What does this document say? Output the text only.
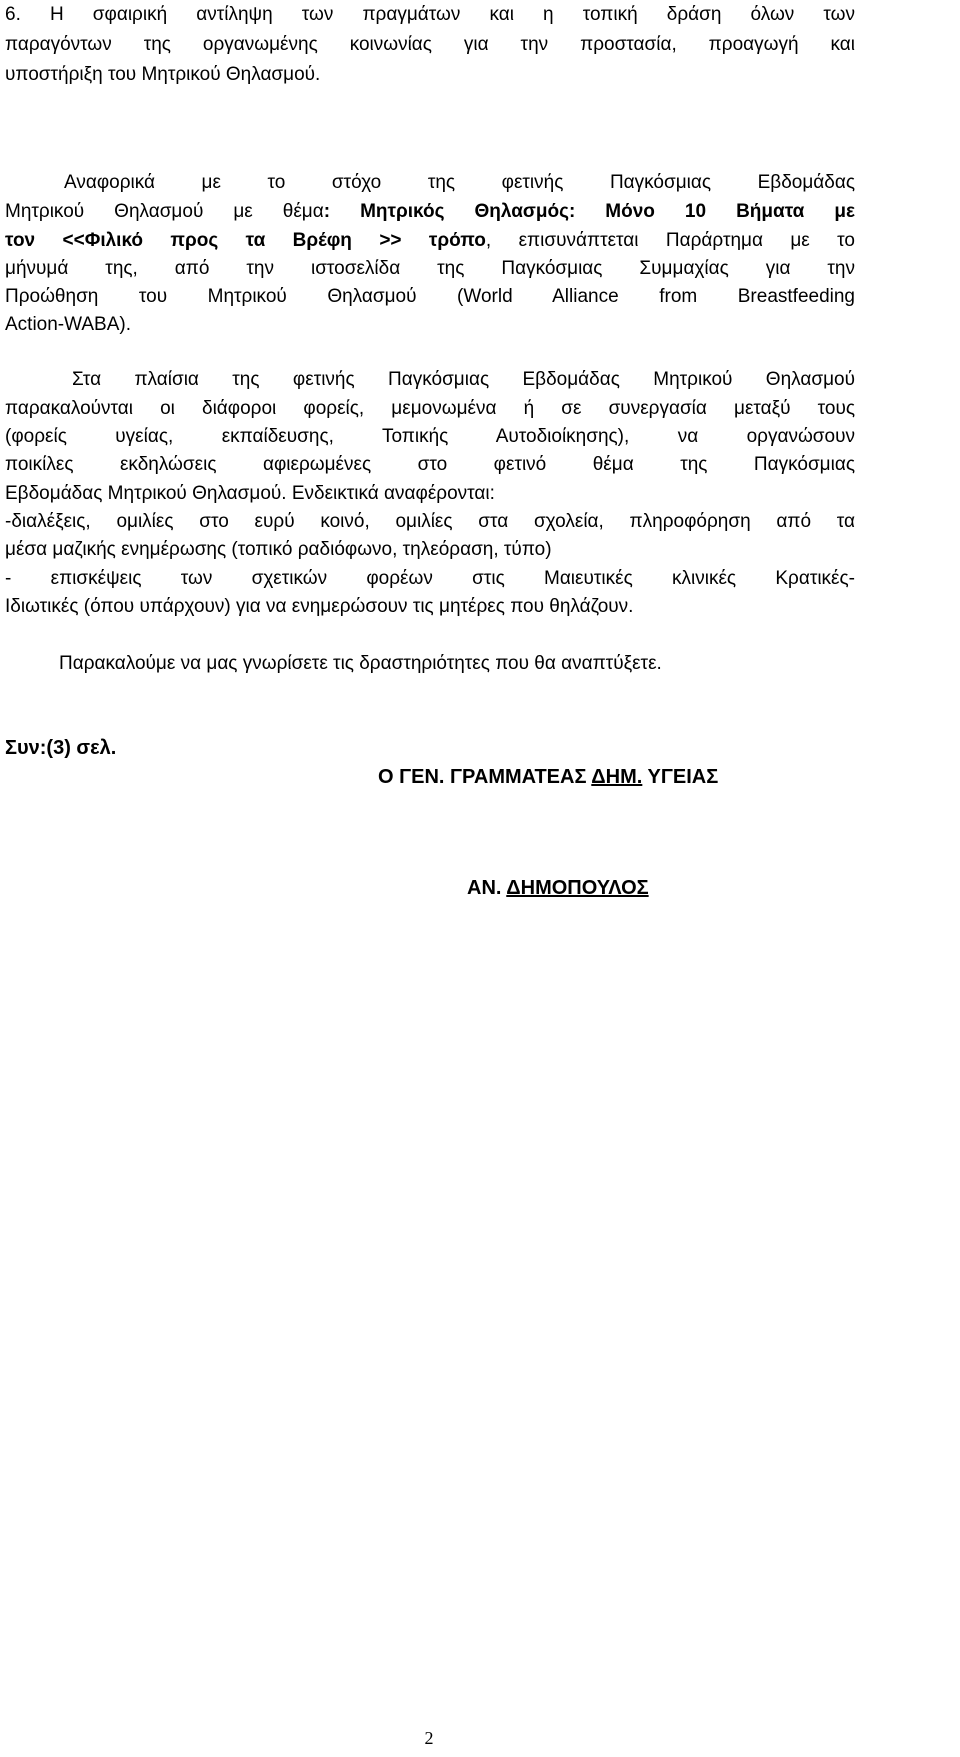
6. Η σφαιρική αντίληψη των πραγμάτων και η τοπική δράση όλων των
παραγόντων της οργανωμένης κοινωνίας για την προστασία, προαγωγή και
υποστήριξη του Μητρικού Θηλασμού.
Αναφορικά με το στόχο της φετινής Παγκόσμιας Εβδομάδας
Μητρικού Θηλασμού με θέμα: Μητρικός Θηλασμός: Μόνο 10 Βήματα με
τον <<Φιλικό προς τα Βρέφη >> τρόπο, επισυνάπτεται Παράρτημα με το
μήνυμά της, από την ιστοσελίδα της Παγκόσμιας Συμμαχίας για την
Προώθηση του Μητρικού Θηλασμού (World Alliance from Breastfeeding
Action-WABA).
Στα πλαίσια της φετινής Παγκόσμιας Εβδομάδας Μητρικού Θηλασμού
παρακαλούνται οι διάφοροι φορείς, μεμονωμένα ή σε συνεργασία μεταξύ τους
(φορείς υγείας, εκπαίδευσης, Τοπικής Αυτοδιοίκησης), να οργανώσουν
ποικίλες εκδηλώσεις αφιερωμένες στο φετινό θέμα της Παγκόσμιας
Εβδομάδας Μητρικού Θηλασμού. Ενδεικτικά αναφέρονται:
-διαλέξεις, ομιλίες στο ευρύ κοινό, ομιλίες στα σχολεία, πληροφόρηση από τα
μέσα μαζικής ενημέρωσης (τοπικό ραδιόφωνο, τηλεόραση, τύπο)
- επισκέψεις των σχετικών φορέων στις Μαιευτικές κλινικές Κρατικές-
Ιδιωτικές (όπου υπάρχουν) για να ενημερώσουν τις μητέρες που θηλάζουν.
Παρακαλούμε να μας γνωρίσετε τις δραστηριότητες που θα αναπτύξετε.
Συν:(3) σελ.
Ο ΓΕΝ. ΓΡΑΜΜΑΤΕΑΣ ΔΗΜ. ΥΓΕΙΑΣ
ΑΝ. ΔΗΜΟΠΟΥΛΟΣ
2
